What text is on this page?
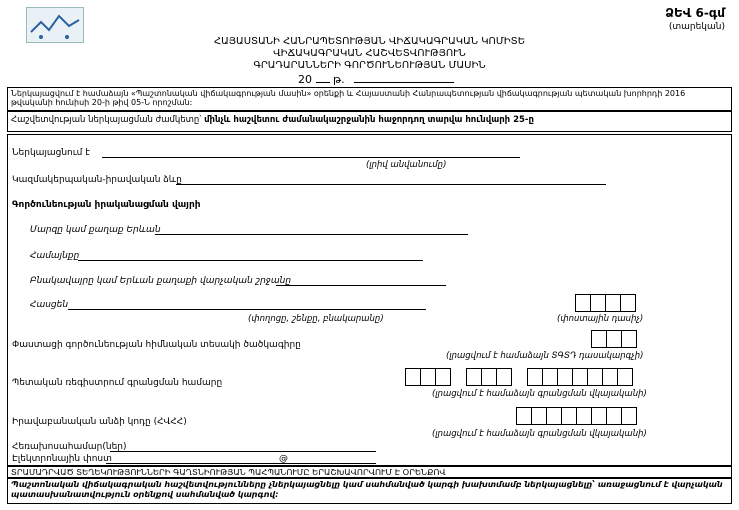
ՁԵՎ 6-գմ
(տարեկան)
ՀԱՅԱՍՏԱՆԻ ՀԱՆՐԱՊԵՏՈՒԹՅԱՆ ՎԻՃԱԿԱԳՐԱԿԱՆ ԿՈՄԻՏԵ
ՎԻՃԱԿԱԳՐԱԿԱՆ ՀԱՇՎԵՏՎՈՒԹՅՈՒՆ
ԳՐԱԴԱՐԱՆՆԵՐԻ ԳՈՐԾՈՒՆԵՈՒԹՅԱՆ ՄԱՍԻՆ
20 թ.
Ներկայացվում է համաձայն «Պաշտոնական վիճակագրության մասին» օրենքի և Հայաստանի Հանրապետության վիճակագրության պետական խորհրդի 2016 թվականի հունիսի 20-ի թիվ 05-Ն որոշման:
Հաշվետվության ներկայացման ժամկետը՝ մինչև հաշվետու ժամանակաշրջանին հաջորդող տարվա հունվարի 25-ը
Ներկայացնում է
(լրիվ անվանումը)
Կազմակերպական-իրավական ձևը
Գործունեության իրականացման վայրի
Մարզը կամ քաղաք Երևան
Համայնքը
Բնակավայրը կամ Երևան քաղաքի վարչական շրջանը
Հասցեն
(փողոցը, շենքը, բնակարանը)	(փոստային դասիչ)
Փաստացի գործունեության հիմնական տեսակի ծածկագիրը
(լրացվում է համաձայն ՏԳՏԴ դասակարգչի)
Պետական ռեգիստրում գրանցման համարը
(լրացվում է համաձայն գրանցման վկայականի)
Իրավաբանական անձի կոդը (ՀՎՀՀ)
(լրացվում է համաձայն գրանցման վկայականի)
Հեռախոսահամար(ներ)
Էլեկտրոնային փոստ	@
ՏՐԱՄԱԴՐՎԱԾ ՏԵՂԵԿՈՒԹՅՈՒՆՆԵՐԻ ԳԱՂՏՆԻՈՒԹՅԱՆ ՊԱՀՊԱՆՈՒՄԸ ԵՐԱՇԽԱՎՈՐՎՈՒՄ Է ՕՐԵՆՔՈՎ
Պաշտոնական վիճակագրական հաշվետվությունները չներկայացնելը կամ սահմանված կարգի խախտմամբ ներկայացնելը՝ առաջացնում է վարչական պատասխանատվություն օրենքով սահմանված կարգով:
